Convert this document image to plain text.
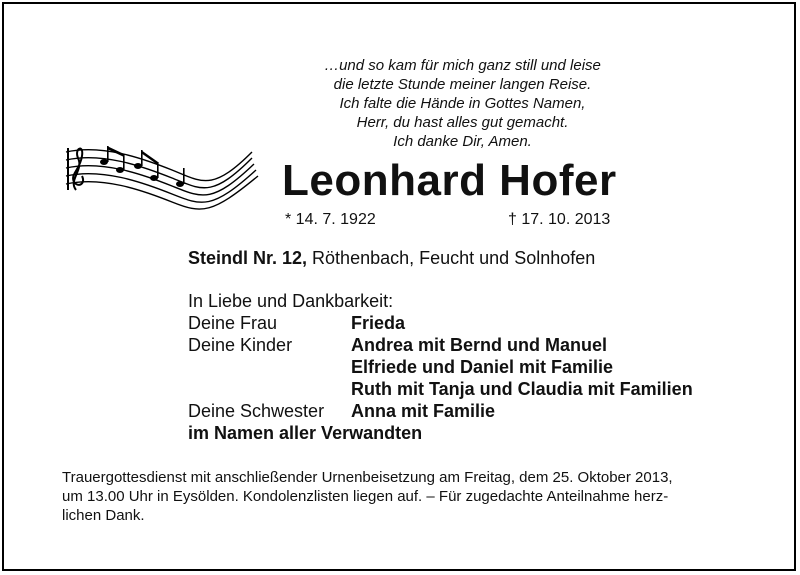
…und so kam für mich ganz still und leise
die letzte Stunde meiner langen Reise.
Ich falte die Hände in Gottes Namen,
Herr, du hast alles gut gemacht.
Ich danke Dir, Amen.
Leonhard Hofer
* 14. 7. 1922	† 17. 10. 2013
Steindl Nr. 12, Röthenbach, Feucht und Solnhofen
In Liebe und Dankbarkeit:
Deine Frau	Frieda
Deine Kinder	Andrea mit Bernd und Manuel
Elfriede und Daniel mit Familie
Ruth mit Tanja und Claudia mit Familien
Deine Schwester	Anna mit Familie
im Namen aller Verwandten
Trauergottesdienst mit anschließender Urnenbeisetzung am Freitag, dem 25. Oktober 2013,
um 13.00 Uhr in Eysölden. Kondolenzlisten liegen auf. – Für zugedachte Anteilnahme herz-
lichen Dank.
